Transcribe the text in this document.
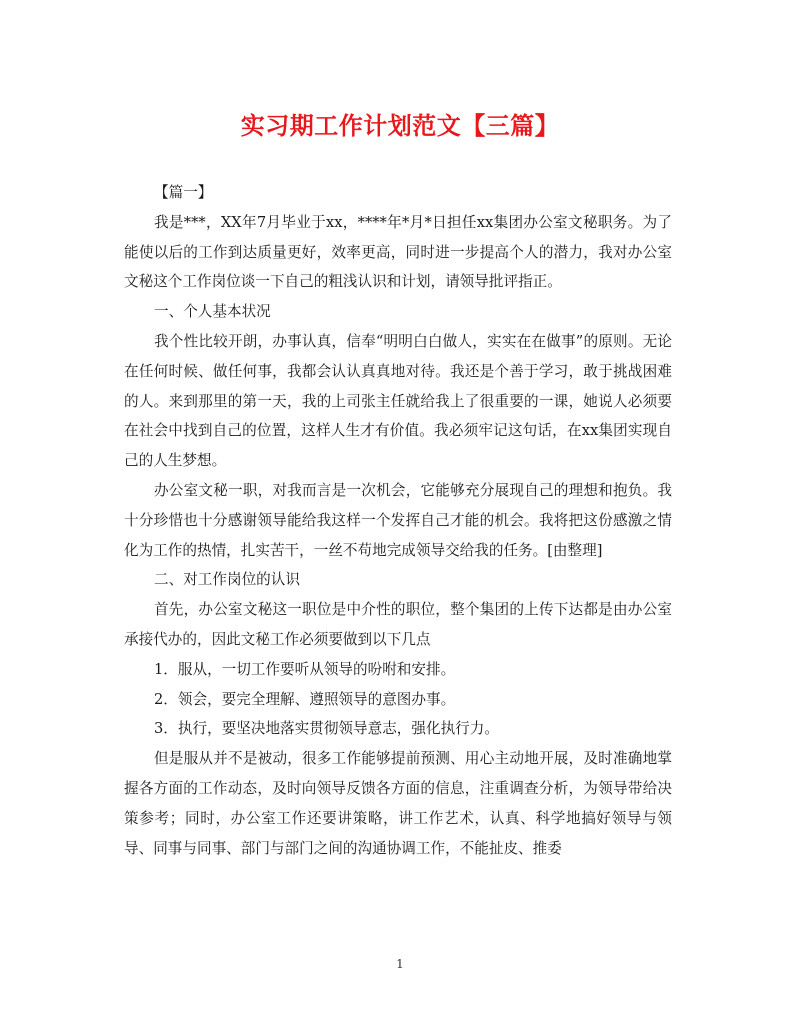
实习期工作计划范文【三篇】

【篇一】

我是***，XX年7月毕业于xx，****年*月*日担任xx集团办公室文秘职务。为了能使以后的工作到达质量更好，效率更高，同时进一步提高个人的潜力，我对办公室文秘这个工作岗位谈一下自己的粗浅认识和计划，请领导批评指正。

一、个人基本状况

我个性比较开朗，办事认真，信奉“明明白白做人，实实在在做事”的原则。无论在任何时候、做任何事，我都会认认真真地对待。我还是个善于学习，敢于挑战困难的人。来到那里的第一天，我的上司张主任就给我上了很重要的一课，她说人必须要在社会中找到自己的位置，这样人生才有价值。我必须牢记这句话，在xx集团实现自己的人生梦想。

办公室文秘一职，对我而言是一次机会，它能够充分展现自己的理想和抱负。我十分珍惜也十分感谢领导能给我这样一个发挥自己才能的机会。我将把这份感激之情化为工作的热情，扎实苦干，一丝不苟地完成领导交给我的任务。[由整理]

二、对工作岗位的认识

首先，办公室文秘这一职位是中介性的职位，整个集团的上传下达都是由办公室承接代办的，因此文秘工作必须要做到以下几点

1．服从，一切工作要听从领导的吩咐和安排。

2．领会，要完全理解、遵照领导的意图办事。

3．执行，要坚决地落实贯彻领导意志，强化执行力。

但是服从并不是被动，很多工作能够提前预测、用心主动地开展，及时准确地掌握各方面的工作动态，及时向领导反馈各方面的信息，注重调查分析，为领导带给决策参考；同时，办公室工作还要讲策略，讲工作艺术，认真、科学地搞好领导与领导、同事与同事、部门与部门之间的沟通协调工作，不能扯皮、推委

1
